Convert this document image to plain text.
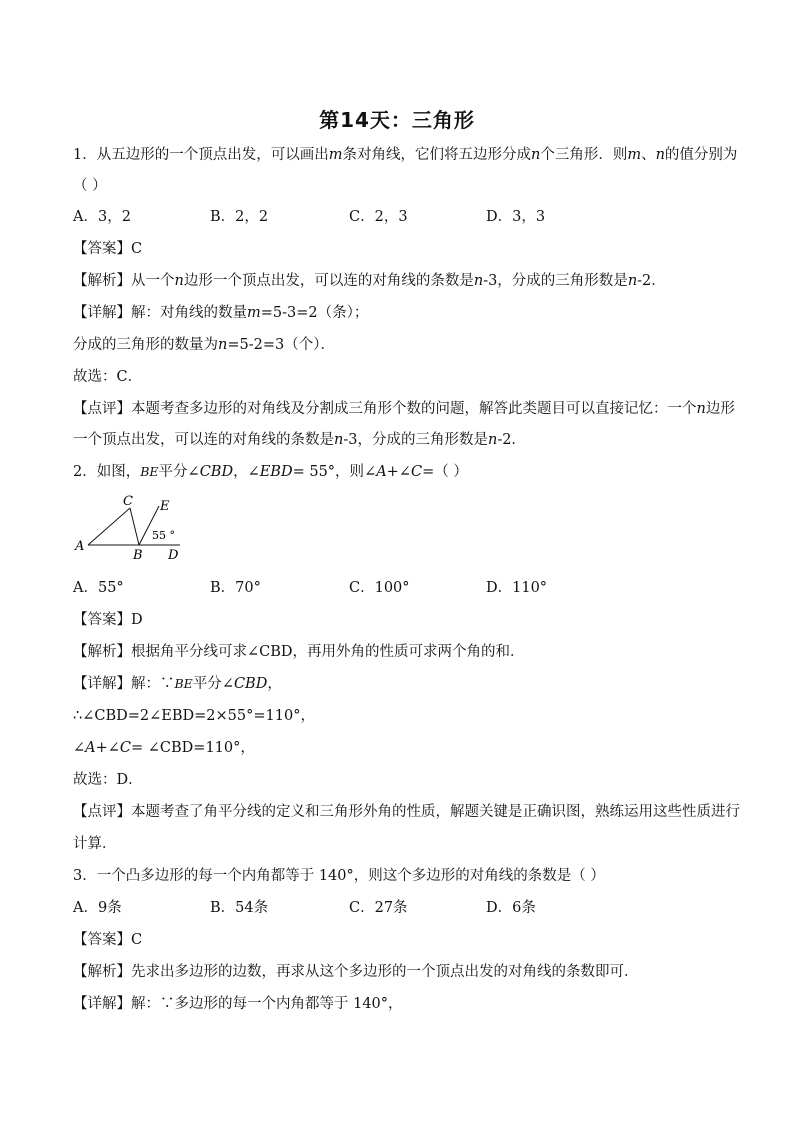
第14天：三角形
1．从五边形的一个顶点出发，可以画出m条对角线，它们将五边形分成n个三角形．则m、n的值分别为
（ ）
A．3，2	B．2，2	C．2，3	D．3，3
【答案】C
【解析】从一个n边形一个顶点出发，可以连的对角线的条数是n-3，分成的三角形数是n-2．
【详解】解：对角线的数量m=5-3=2（条）；
分成的三角形的数量为n=5-2=3（个）．
故选：C．
【点评】本题考查多边形的对角线及分割成三角形个数的问题，解答此类题目可以直接记忆：一个n边形
一个顶点出发，可以连的对角线的条数是n-3，分成的三角形数是n-2．
2．如图，BE平分∠CBD，∠EBD= 55°，则∠A+∠C=（ ）
A
C E
B D
55 °
A．55°	B．70°	C．100°	D．110°
【答案】D
【解析】根据角平分线可求∠CBD，再用外角的性质可求两个角的和．
【详解】解：∵BE平分∠CBD，
∴∠CBD=2∠EBD=2×55°=110°，
∠A+∠C= ∠CBD=110°，
故选：D．
【点评】本题考查了角平分线的定义和三角形外角的性质，解题关键是正确识图，熟练运用这些性质进行
计算．
3．一个凸多边形的每一个内角都等于 140°，则这个多边形的对角线的条数是（ ）
A．9条	B．54条	C．27条	D．6条
【答案】C
【解析】先求出多边形的边数，再求从这个多边形的一个顶点出发的对角线的条数即可．
【详解】解：∵多边形的每一个内角都等于 140°，
